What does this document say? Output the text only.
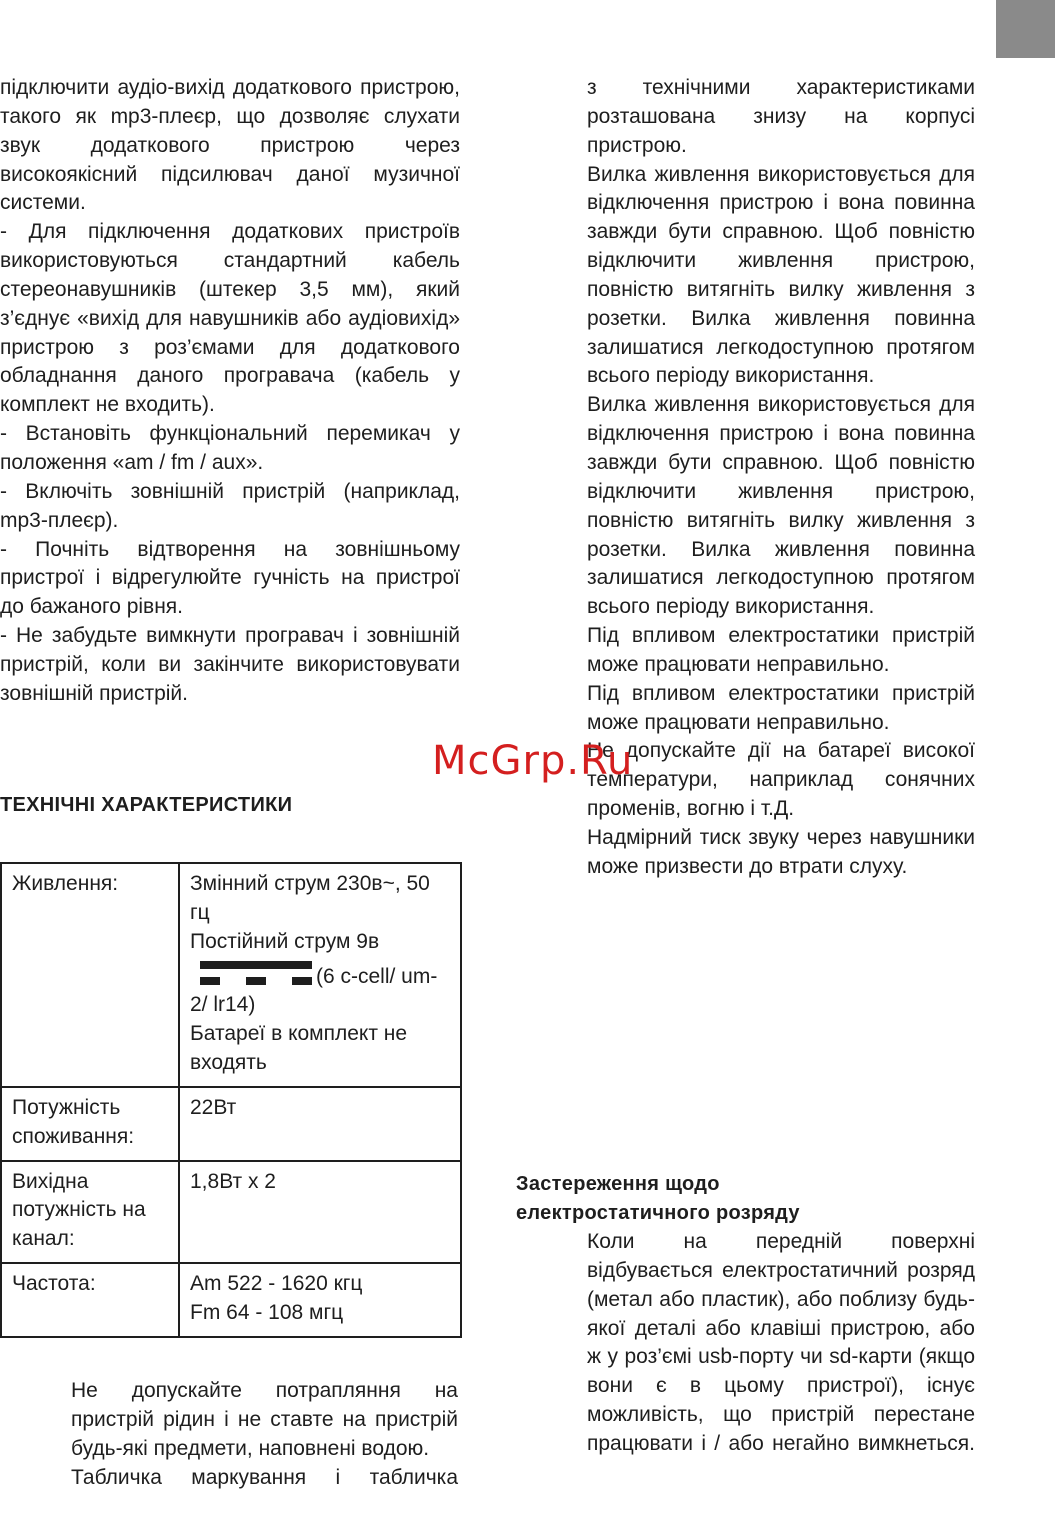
підключити аудіо-вихід додаткового пристрою, такого як mp3-плеєр, що дозволяє слухати звук додаткового пристрою через високоякісний підсилювач даної музичної системи.

- Для підключення додаткових пристроїв використовуються стандартний кабель стереонавушників (штекер 3,5 мм), який з’єднує «вихід для навушників або аудіовихід» пристрою з роз’ємами для додаткового обладнання даного програвача (кабель у комплект не входить).

- Встановіть функціональний перемикач у положення «am / fm / aux».

- Включіть зовнішній пристрій (наприклад, mp3-плеєр).

- Почніть відтворення на зовнішньому пристрої і відрегулюйте гучність на пристрої до бажаного рівня.

- Не забудьте вимкнути програвач і зовнішній пристрій, коли ви закінчите використовувати зовнішній пристрій.

ТЕХНІЧНІ ХАРАКТЕРИСТИКИ
Живлення:	Змінний струм 230в~, 50 гц
Постійний струм 9в
(6 c-cell/ um-2/ lr14)
Батареї в комплект не входять

Потужність споживання:	22Вт
Вихідна потужність на канал:	1,8Вт x 2
Частота:	Am 522 - 1620 кгц
Fm 64 - 108 мгц

Не допускайте потрапляння на пристрій рідин і не ставте на пристрій будь-які предмети, наповнені водою.

Табличка маркування і табличка

з технічними характеристиками розташована знизу на корпусі пристрою.

Вилка живлення використовується для відключення пристрою і вона повинна завжди бути справною. Щоб повністю відключити живлення пристрою, повністю витягніть вилку живлення з розетки. Вилка живлення повинна залишатися легкодоступною протягом всього періоду використання.

Вилка живлення використовується для відключення пристрою і вона повинна завжди бути справною. Щоб повністю відключити живлення пристрою, повністю витягніть вилку живлення з розетки. Вилка живлення повинна залишатися легкодоступною протягом всього періоду використання.

Під впливом електростатики пристрій може працювати неправильно.

Під впливом електростатики пристрій може працювати неправильно.

Не допускайте дії на батареї високої температури, наприклад сонячних променів, вогню і т.Д.

Надмірний тиск звуку через навушники може призвести до втрати слуху.

Застереження щодо
електростатичного розряду

Коли на передній поверхні відбувається електростатичний розряд (метал або пластик), або поблизу будь-якої деталі або клавіші пристрою, або ж у роз’ємі usb-порту чи sd-карти (якщо вони є в цьому пристрої), існує можливість, що пристрій перестане працювати і / або негайно вимкнеться.

McGrp.Ru
